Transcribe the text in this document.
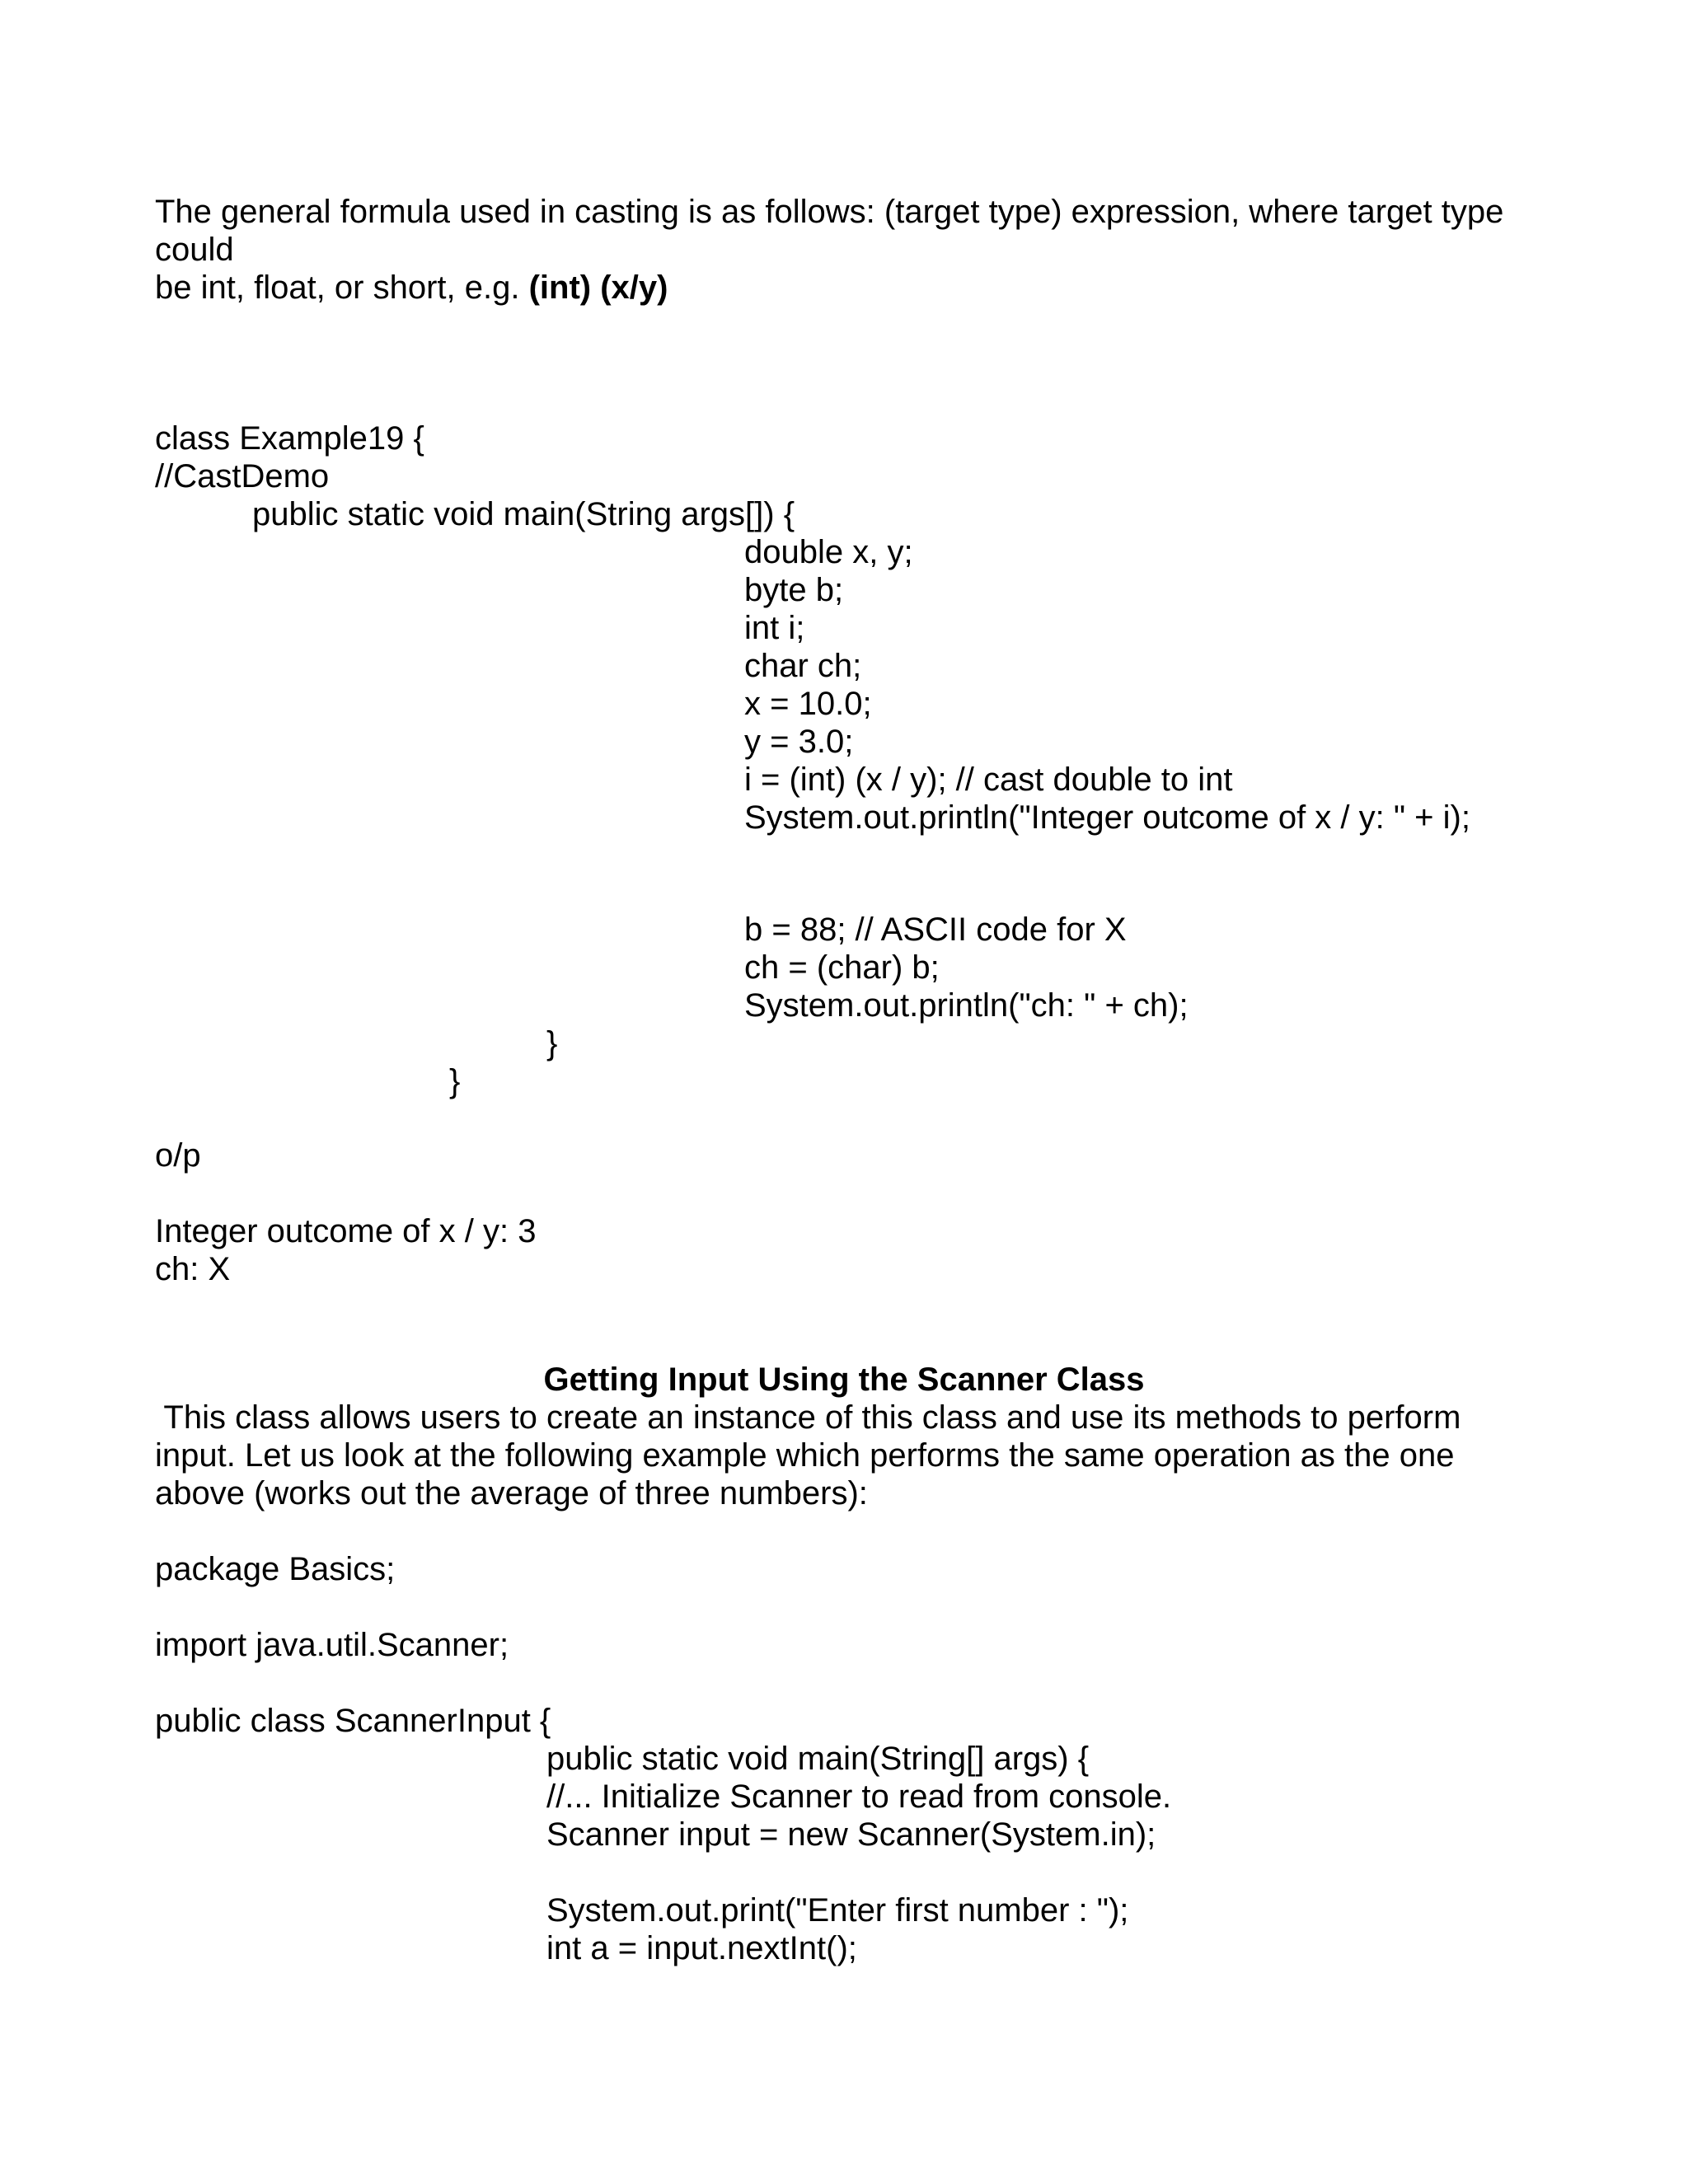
The general formula used in casting is as follows: (target type) expression, where target type
could
be int, float, or short, e.g. (int) (x/y)
class Example19 {
//CastDemo
public static void main(String args[]) {
double x, y;
byte b;
int i;
char ch;
x = 10.0;
y = 3.0;
i = (int) (x / y); // cast double to int
System.out.println("Integer outcome of x / y: " + i);
b = 88; // ASCII code for X
ch = (char) b;
System.out.println("ch: " + ch);
}
}
o/p
Integer outcome of x / y: 3
ch: X
Getting Input Using the Scanner Class
This class allows users to create an instance of this class and use its methods to perform
input. Let us look at the following example which performs the same operation as the one
above (works out the average of three numbers):
package Basics;
import java.util.Scanner;
public class ScannerInput {
public static void main(String[] args) {
//... Initialize Scanner to read from console.
Scanner input = new Scanner(System.in);
System.out.print("Enter first number : ");
int a = input.nextInt();
